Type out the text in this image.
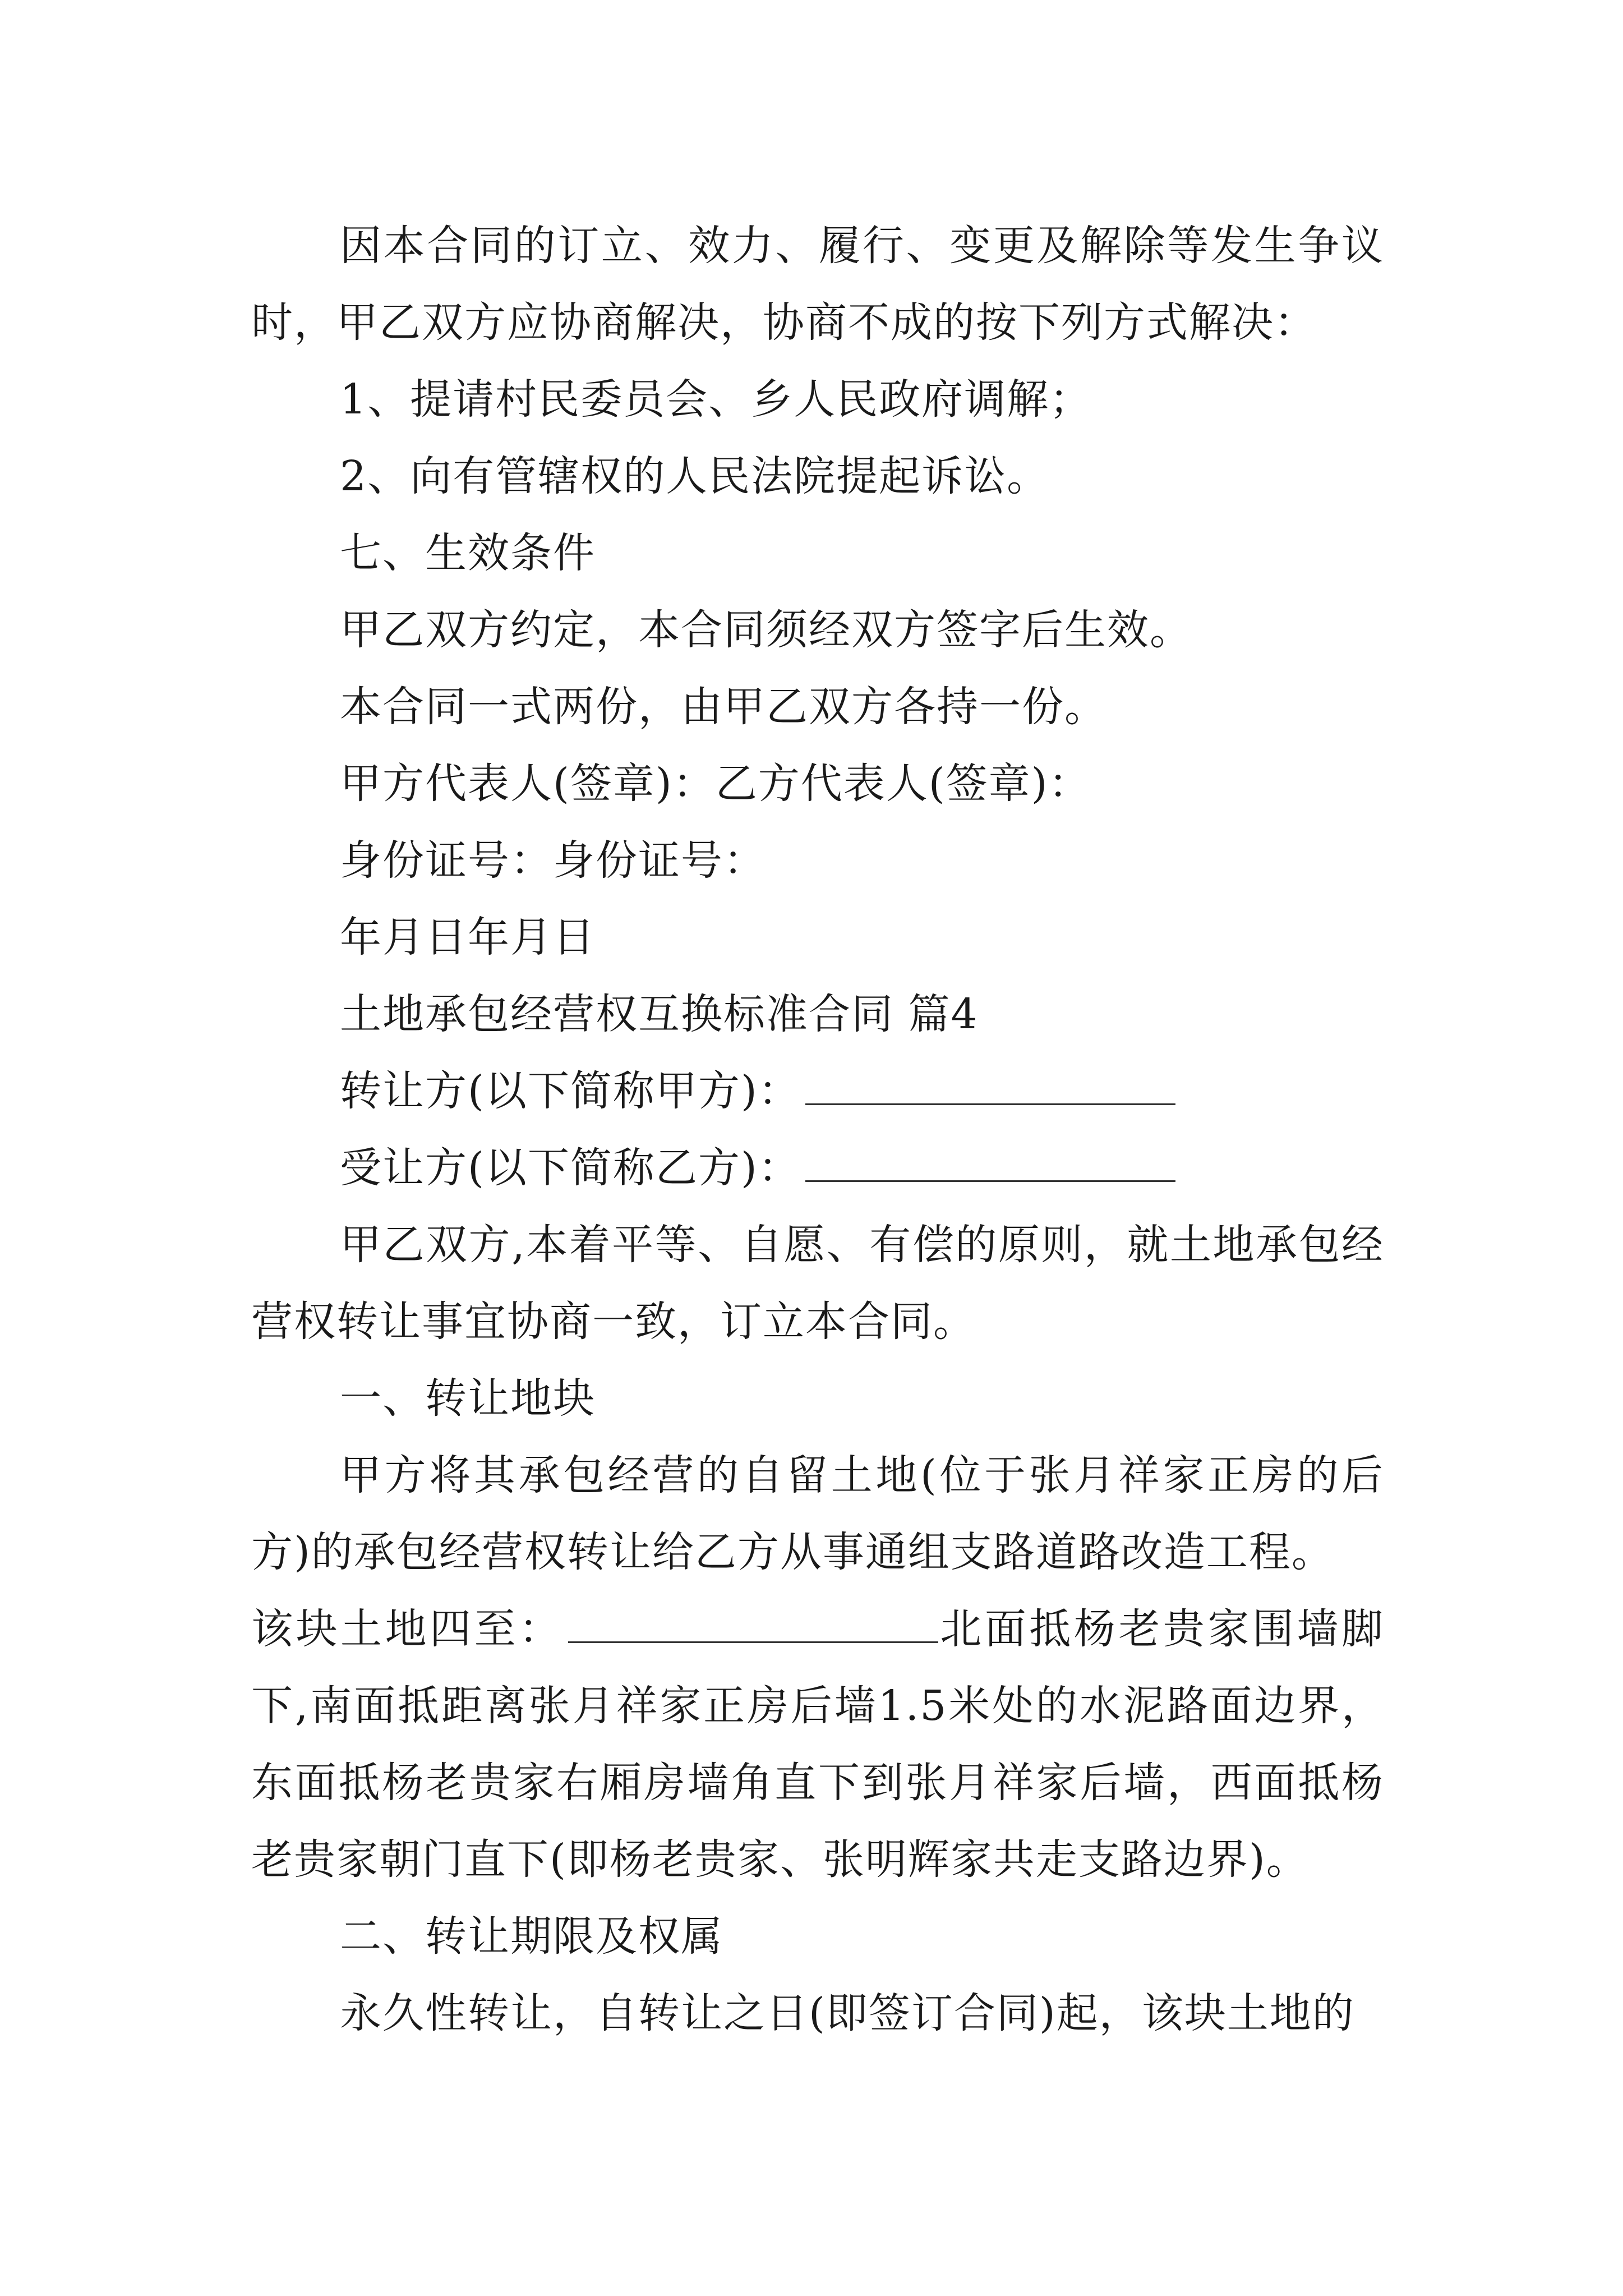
因本合同的订立、效力、履行、变更及解除等发生争议时，甲乙双方应协商解决，协商不成的按下列方式解决：

1、提请村民委员会、乡人民政府调解；

2、向有管辖权的人民法院提起诉讼。

七、生效条件

甲乙双方约定，本合同须经双方签字后生效。

本合同一式两份，由甲乙双方各持一份。

甲方代表人(签章)：乙方代表人(签章)：

身份证号：身份证号：

年月日年月日

土地承包经营权互换标准合同 篇4

转让方(以下简称甲方)：

受让方(以下简称乙方)：

甲乙双方,本着平等、自愿、有偿的原则，就土地承包经营权转让事宜协商一致，订立本合同。

一、转让地块

甲方将其承包经营的自留土地(位于张月祥家正房的后方)的承包经营权转让给乙方从事通组支路道路改造工程。

该块土地四至：	北面抵杨老贵家围墙脚下,南面抵距离张月祥家正房后墙1.5米处的水泥路面边界，东面抵杨老贵家右厢房墙角直下到张月祥家后墙，西面抵杨老贵家朝门直下(即杨老贵家、张明辉家共走支路边界)。

二、转让期限及权属

永久性转让，自转让之日(即签订合同)起，该块土地的
